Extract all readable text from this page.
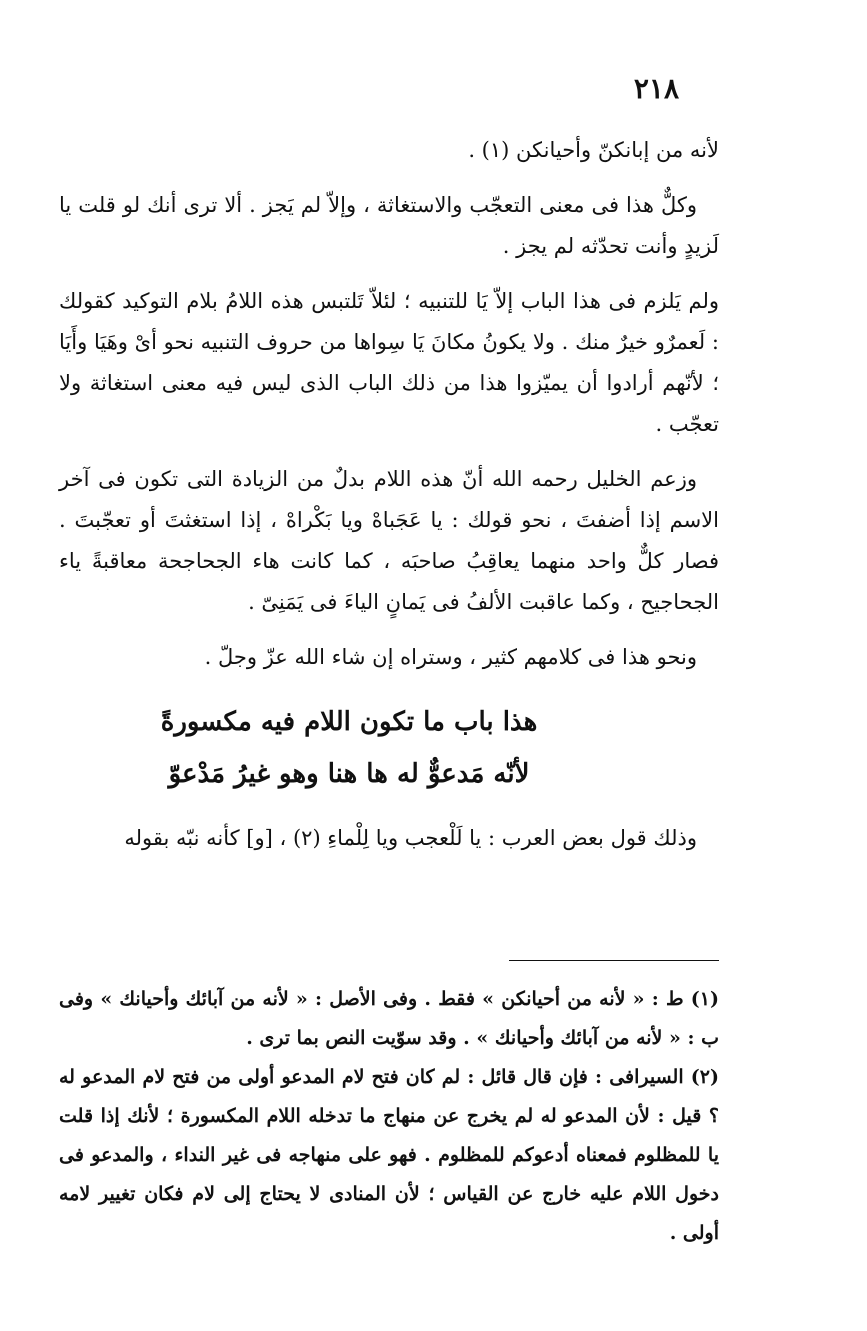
٢١٨

لأنه من إبانكنّ وأحيانكن (١) .

وكلٌّ هذا فى معنى التعجّب والاستغاثة ، وإلاّ لم يَجز . ألا ترى أنك لو قلت يا لَزيدٍ وأنت تحدّثه لم يجز .

ولم يَلزم فى هذا الباب إلاّ يَا للتنبيه ؛ لئلاّ تَلتبس هذه اللامُ بلام التوكيد كقولك : لَعمرٌو خيرٌ منك . ولا يكونُ مكانَ يَا سِواها من حروف التنبيه نحو أىْ وهَيَا وأَيَا ؛ لأنّهم أرادوا أن يميّزوا هذا من ذلك الباب الذى ليس فيه معنى استغاثة ولا تعجّب .

وزعم الخليل رحمه الله أنّ هذه اللام بدلٌ من الزيادة التى تكون فى آخر الاسم إذا أضفتَ ، نحو قولك : يا عَجَباهْ ويا بَكْراهْ ، إذا استغثتَ أو تعجّبتَ . فصار كلٌّ واحد منهما يعاقِبُ صاحبَه ، كما كانت هاء الجحاجحة معاقبةً ياء الجحاجيح ، وكما عاقبت الألفُ فى يَمانٍ الياءَ فى يَمَنِىّ .

ونحو هذا فى كلامهم كثير ، وستراه إن شاء الله عزّ وجلّ .

هذا باب ما تكون اللام فيه مكسورةً
لأنّه مَدعوٌّ له ها هنا وهو غيرُ مَدْعوّ

وذلك قول بعض العرب : يا لَلْعجب ويا لِلْماءِ (٢) ، [و] كأنه نبّه بقوله

(١) ط : « لأنه من أحيانكن » فقط . وفى الأصل : « لأنه من آبائك وأحيانك » وفى ب : « لأنه من آبائك وأحيانك » . وقد سوّيت النص بما ترى .

(٢) السيرافى : فإن قال قائل : لم كان فتح لام المدعو أولى من فتح لام المدعو له ؟ قيل : لأن المدعو له لم يخرج عن منهاج ما تدخله اللام المكسورة ؛ لأنك إذا قلت يا للمظلوم فمعناه أدعوكم للمظلوم . فهو على منهاجه فى غير النداء ، والمدعو فى دخول اللام عليه خارج عن القياس ؛ لأن المنادى لا يحتاج إلى لام فكان تغيير لامه أولى .
